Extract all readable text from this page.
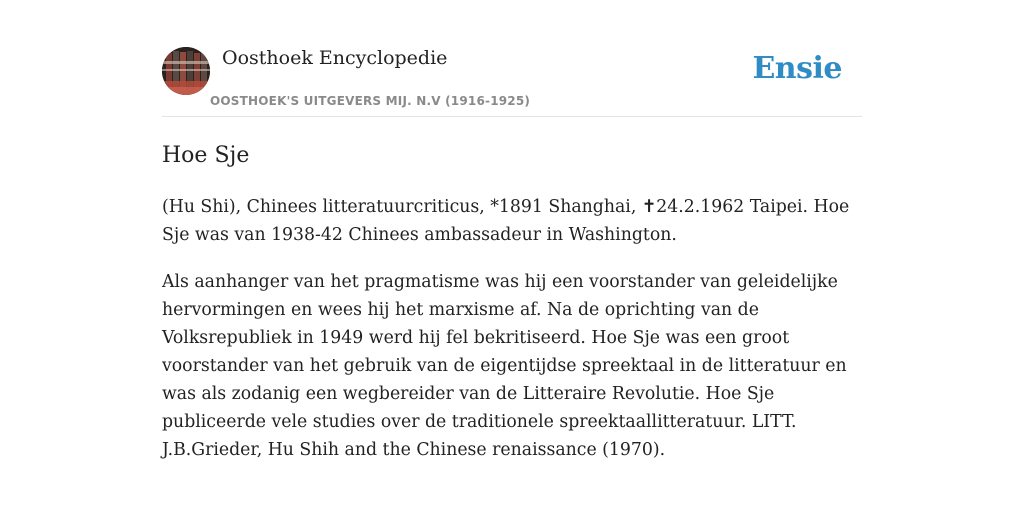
Oosthoek Encyclopedie
OOSTHOEK'S UITGEVERS MIJ. N.V (1916-1925)
Ensie
Hoe Sje

(Hu Shi), Chinees litteratuurcriticus, *1891 Shanghai, ✝24.2.1962 Taipei. Hoe Sje was van 1938-42 Chinees ambassadeur in Washington.

Als aanhanger van het pragmatisme was hij een voorstander van geleidelijke hervormingen en wees hij het marxisme af. Na de oprichting van de Volksrepubliek in 1949 werd hij fel bekritiseerd. Hoe Sje was een groot voorstander van het gebruik van de eigentijdse spreektaal in de litteratuur en was als zodanig een wegbereider van de Litteraire Revolutie. Hoe Sje publiceerde vele studies over de traditionele spreektaallitteratuur. LITT. J.B.Grieder, Hu Shih and the Chinese renaissance (1970).
